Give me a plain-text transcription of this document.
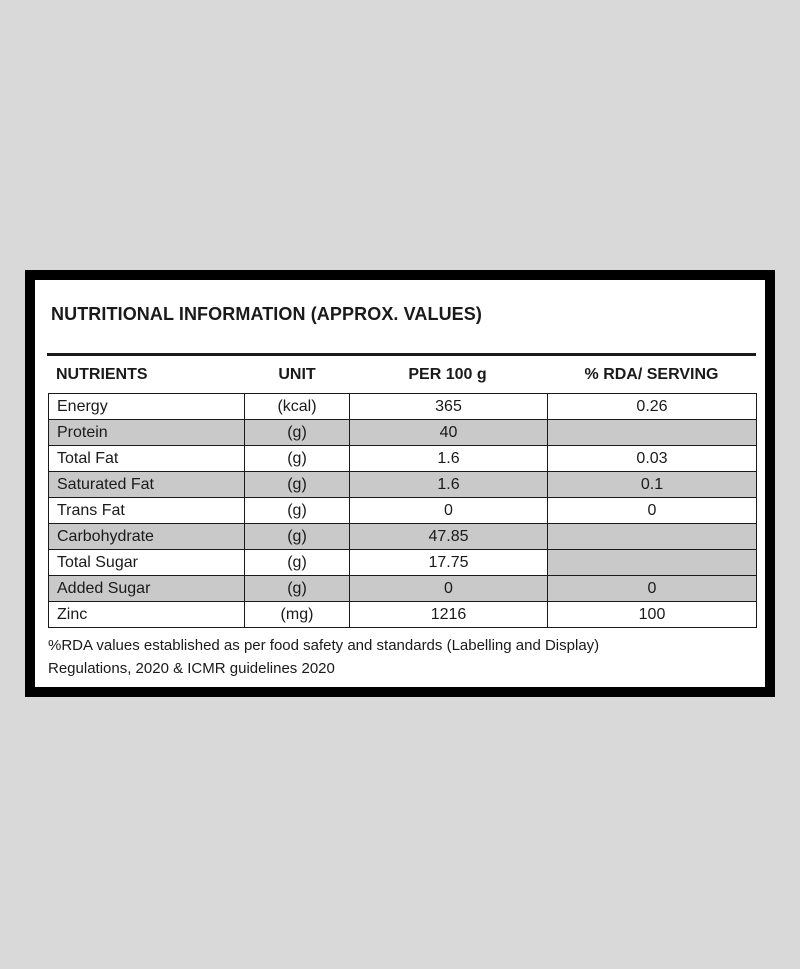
NUTRITIONAL INFORMATION (APPROX. VALUES)
NUTRIENTS	UNIT	PER 100 g	% RDA/ SERVING
Energy	(kcal)	365	0.26
Protein	(g)	40	
Total Fat	(g)	1.6	0.03
Saturated Fat	(g)	1.6	0.1
Trans Fat	(g)	0	0
Carbohydrate	(g)	47.85	
Total Sugar	(g)	17.75	
Added Sugar	(g)	0	0
Zinc	(mg)	1216	100
%RDA values established as per food safety and standards (Labelling and Display)
Regulations, 2020 & ICMR guidelines 2020
